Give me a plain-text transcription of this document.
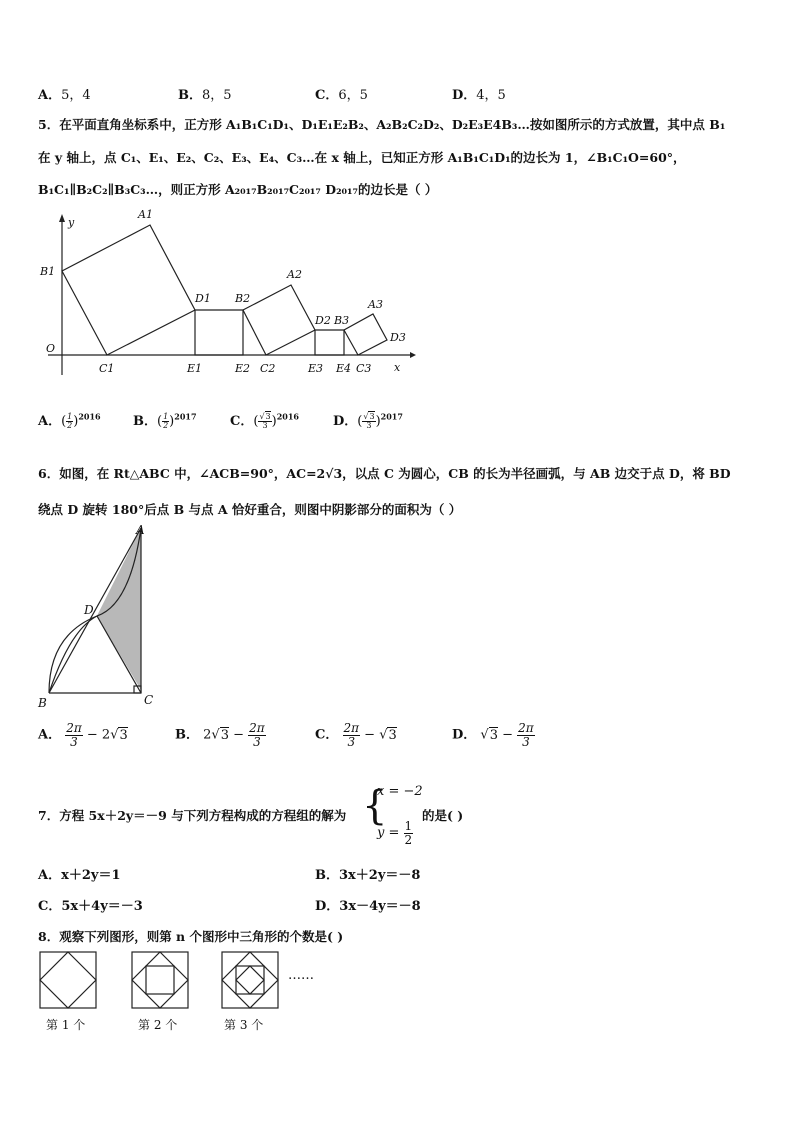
A．5，4	B．8，5	C．6，5	D．4，5
5．在平面直角坐标系中，正方形 A₁B₁C₁D₁、D₁E₁E₂B₂、A₂B₂C₂D₂、D₂E₃E4B₃…按如图所示的方式放置，其中点 B₁
在 y 轴上，点 C₁、E₁、E₂、C₂、E₃、E₄、C₃…在 x 轴上，已知正方形 A₁B₁C₁D₁的边长为 1，∠B₁C₁O=60°，
B₁C₁∥B₂C₂∥B₃C₃…，则正方形 A₂₀₁₇B₂₀₁₇C₂₀₁₇ D₂₀₁₇的边长是（ ）
y
A1
B1
D1 B2
A2
D2 B3
A3
D3
O
C1	E1	E2 C2	E3 E4 C3 x
A．( $\frac{1}{2} )^{2016}$ B．( $\frac{1}{2} )^{2017}$	C．( $\frac{√3}{3} )^{2016}$	D．( $\frac{√3}{3} )^{2017}$
6．如图，在 Rt△ABC 中，∠ACB=90°，AC=2√3，以点 C 为圆心，CB 的长为半径画弧，与 AB 边交于点 D，将 BD
绕点 D 旋转 180°后点 B 与点 A 恰好重合，则图中阴影部分的面积为（ ）
A
D
B	C
A． $\frac{2\pi}{3} - 2√3$	B． $2√3 - \frac{2\pi}{3}$	C． $\frac{2\pi}{3} - √3$	D． $√3 - \frac{2\pi}{3}$
7．方程 5x＋2y＝－9 与下列方程构成的方程组的解为 {
x = −2
$y = \frac{1}{2}$
的是( )
A．x＋2y＝1	B．3x＋2y＝－8
C．5x＋4y＝－3	D．3x－4y＝－8
8．观察下列图形，则第 n 个图形中三角形的个数是( )
……
第 1 个	第 2 个	第 3 个
